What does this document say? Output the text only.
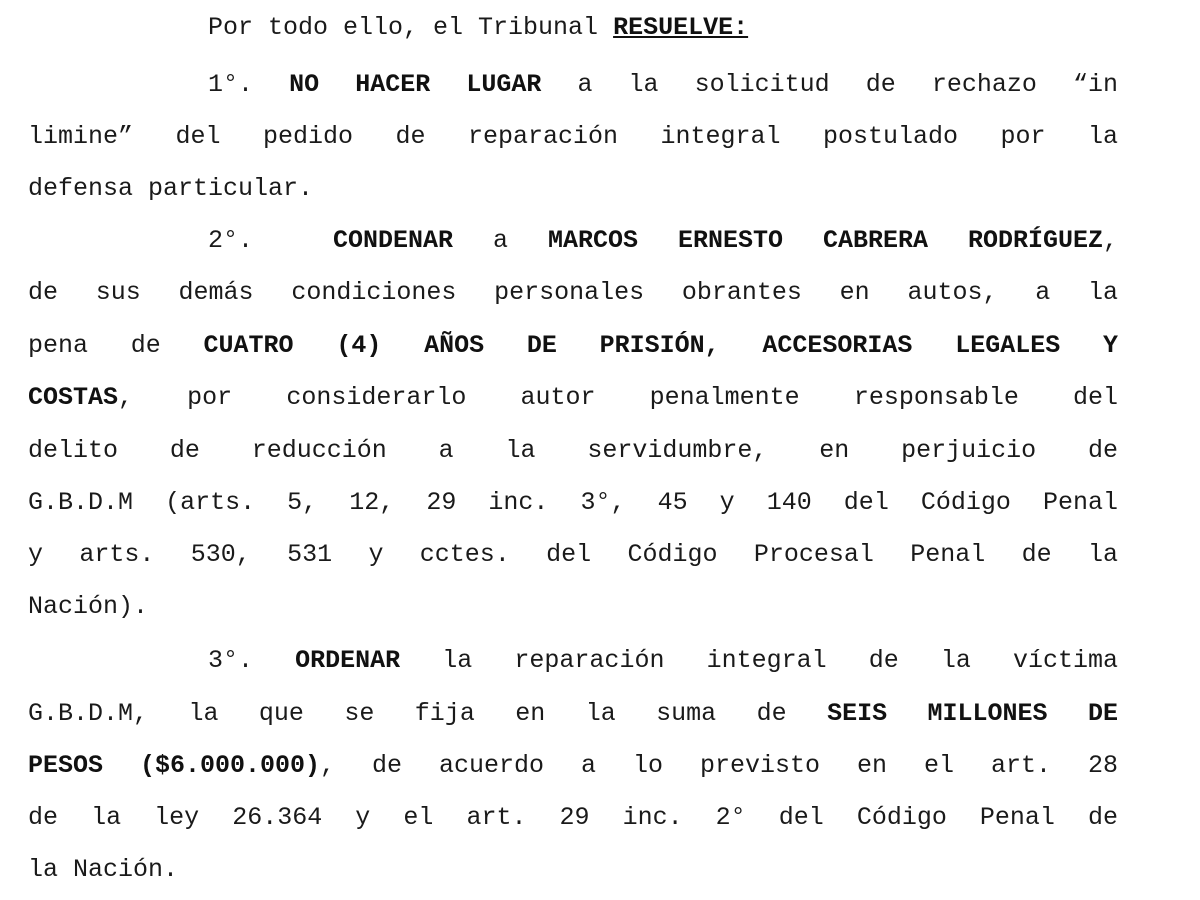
Por todo ello, el Tribunal RESUELVE:
1°. NO HACER LUGAR a la solicitud de rechazo “in
limine” del pedido de reparación integral postulado por la
defensa particular.
2°.	CONDENAR a MARCOS ERNESTO CABRERA RODRÍGUEZ,
de sus demás condiciones personales obrantes en autos, a la
pena de CUATRO (4) AÑOS DE PRISIÓN, ACCESORIAS LEGALES Y
COSTAS, por considerarlo autor penalmente responsable del
delito de reducción a la servidumbre, en perjuicio de
G.B.D.M (arts. 5, 12, 29 inc. 3°, 45 y 140 del Código Penal
y arts. 530, 531 y cctes. del Código Procesal Penal de la
Nación).
3°. ORDENAR la reparación integral de la víctima
G.B.D.M, la que se fija en la suma de SEIS MILLONES DE
PESOS ($6.000.000), de acuerdo a lo previsto en el art. 28
de la ley 26.364 y el art. 29 inc. 2° del Código Penal de
la Nación.
